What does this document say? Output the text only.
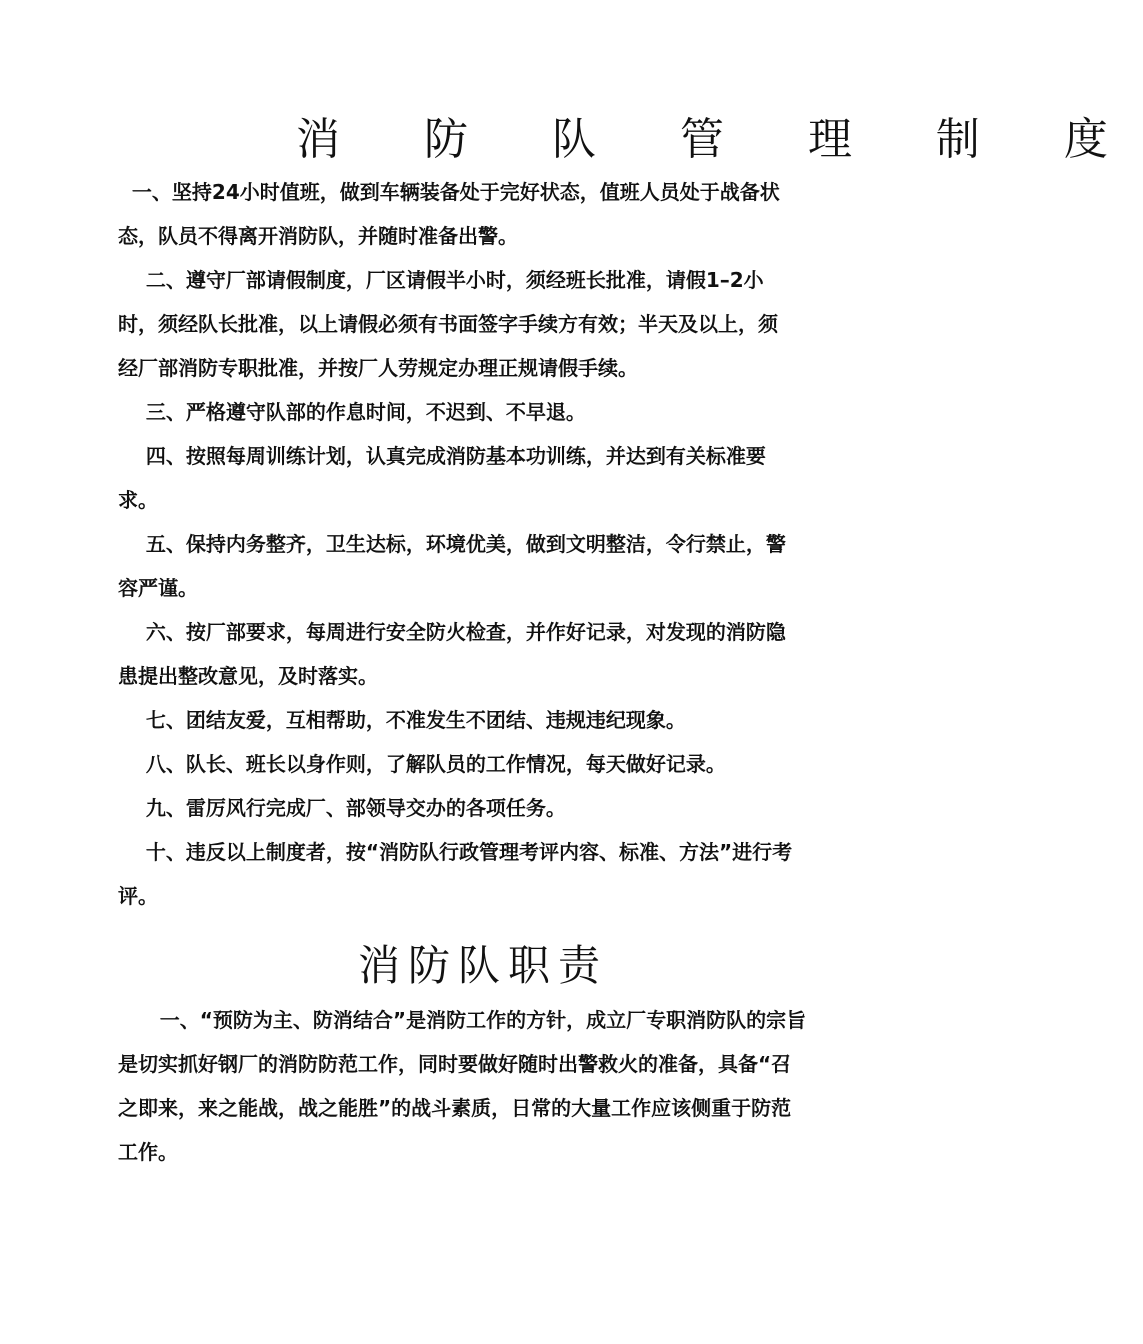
消 防 队 管 理 制 度

一、坚持24小时值班，做到车辆装备处于完好状态，值班人员处于战备状
态，队员不得离开消防队，并随时准备出警。

二、遵守厂部请假制度，厂区请假半小时，须经班长批准，请假1–2小
时，须经队长批准，以上请假必须有书面签字手续方有效；半天及以上，须
经厂部消防专职批准，并按厂人劳规定办理正规请假手续。

三、严格遵守队部的作息时间，不迟到、不早退。

四、按照每周训练计划，认真完成消防基本功训练，并达到有关标准要
求。

五、保持内务整齐，卫生达标，环境优美，做到文明整洁，令行禁止，警
容严谨。

六、按厂部要求，每周进行安全防火检查，并作好记录，对发现的消防隐
患提出整改意见，及时落实。

七、团结友爱，互相帮助，不准发生不团结、违规违纪现象。

八、队长、班长以身作则，了解队员的工作情况，每天做好记录。

九、雷厉风行完成厂、部领导交办的各项任务。

十、违反以上制度者，按“消防队行政管理考评内容、标准、方法”进行考
评。

消防队职责

一、“预防为主、防消结合”是消防工作的方针，成立厂专职消防队的宗旨
是切实抓好钢厂的消防防范工作，同时要做好随时出警救火的准备，具备“召
之即来，来之能战，战之能胜”的战斗素质，日常的大量工作应该侧重于防范
工作。
